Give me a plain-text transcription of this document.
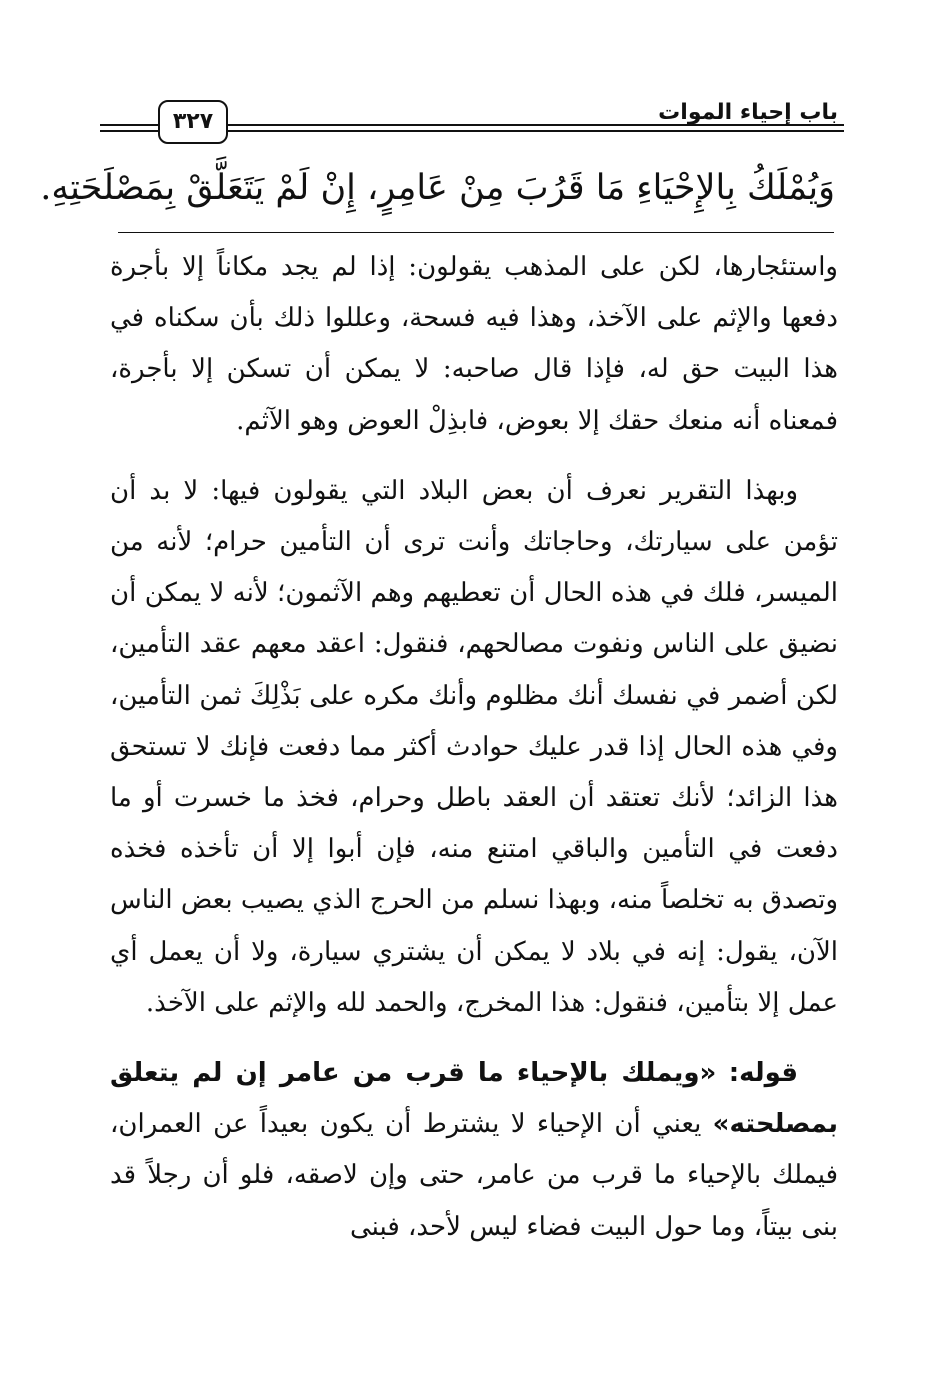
باب إحياء الموات
٣٢٧
وَيُمْلَكُ بِالإِحْيَاءِ مَا قَرُبَ مِنْ عَامِرٍ، إِنْ لَمْ يَتَعَلَّقْ بِمَصْلَحَتِهِ.

واستئجارها، لكن على المذهب يقولون: إذا لم يجد مكاناً إلا بأجرة دفعها والإثم على الآخذ، وهذا فيه فسحة، وعللوا ذلك بأن سكناه في هذا البيت حق له، فإذا قال صاحبه: لا يمكن أن تسكن إلا بأجرة، فمعناه أنه منعك حقك إلا بعوض، فابذِلْ العوض وهو الآثم.

وبهذا التقرير نعرف أن بعض البلاد التي يقولون فيها: لا بد أن تؤمن على سيارتك، وحاجاتك وأنت ترى أن التأمين حرام؛ لأنه من الميسر، فلك في هذه الحال أن تعطيهم وهم الآثمون؛ لأنه لا يمكن أن نضيق على الناس ونفوت مصالحهم، فنقول: اعقد معهم عقد التأمين، لكن أضمر في نفسك أنك مظلوم وأنك مكره على بَذْلِكَ ثمن التأمين، وفي هذه الحال إذا قدر عليك حوادث أكثر مما دفعت فإنك لا تستحق هذا الزائد؛ لأنك تعتقد أن العقد باطل وحرام، فخذ ما خسرت أو ما دفعت في التأمين والباقي امتنع منه، فإن أبوا إلا أن تأخذه فخذه وتصدق به تخلصاً منه، وبهذا نسلم من الحرج الذي يصيب بعض الناس الآن، يقول: إنه في بلاد لا يمكن أن يشتري سيارة، ولا أن يعمل أي عمل إلا بتأمين، فنقول: هذا المخرج، والحمد لله والإثم على الآخذ.

قوله: «ويملك بالإحياء ما قرب من عامر إن لم يتعلق بمصلحته» يعني أن الإحياء لا يشترط أن يكون بعيداً عن العمران، فيملك بالإحياء ما قرب من عامر، حتى وإن لاصقه، فلو أن رجلاً قد بنى بيتاً، وما حول البيت فضاء ليس لأحد، فبنى
